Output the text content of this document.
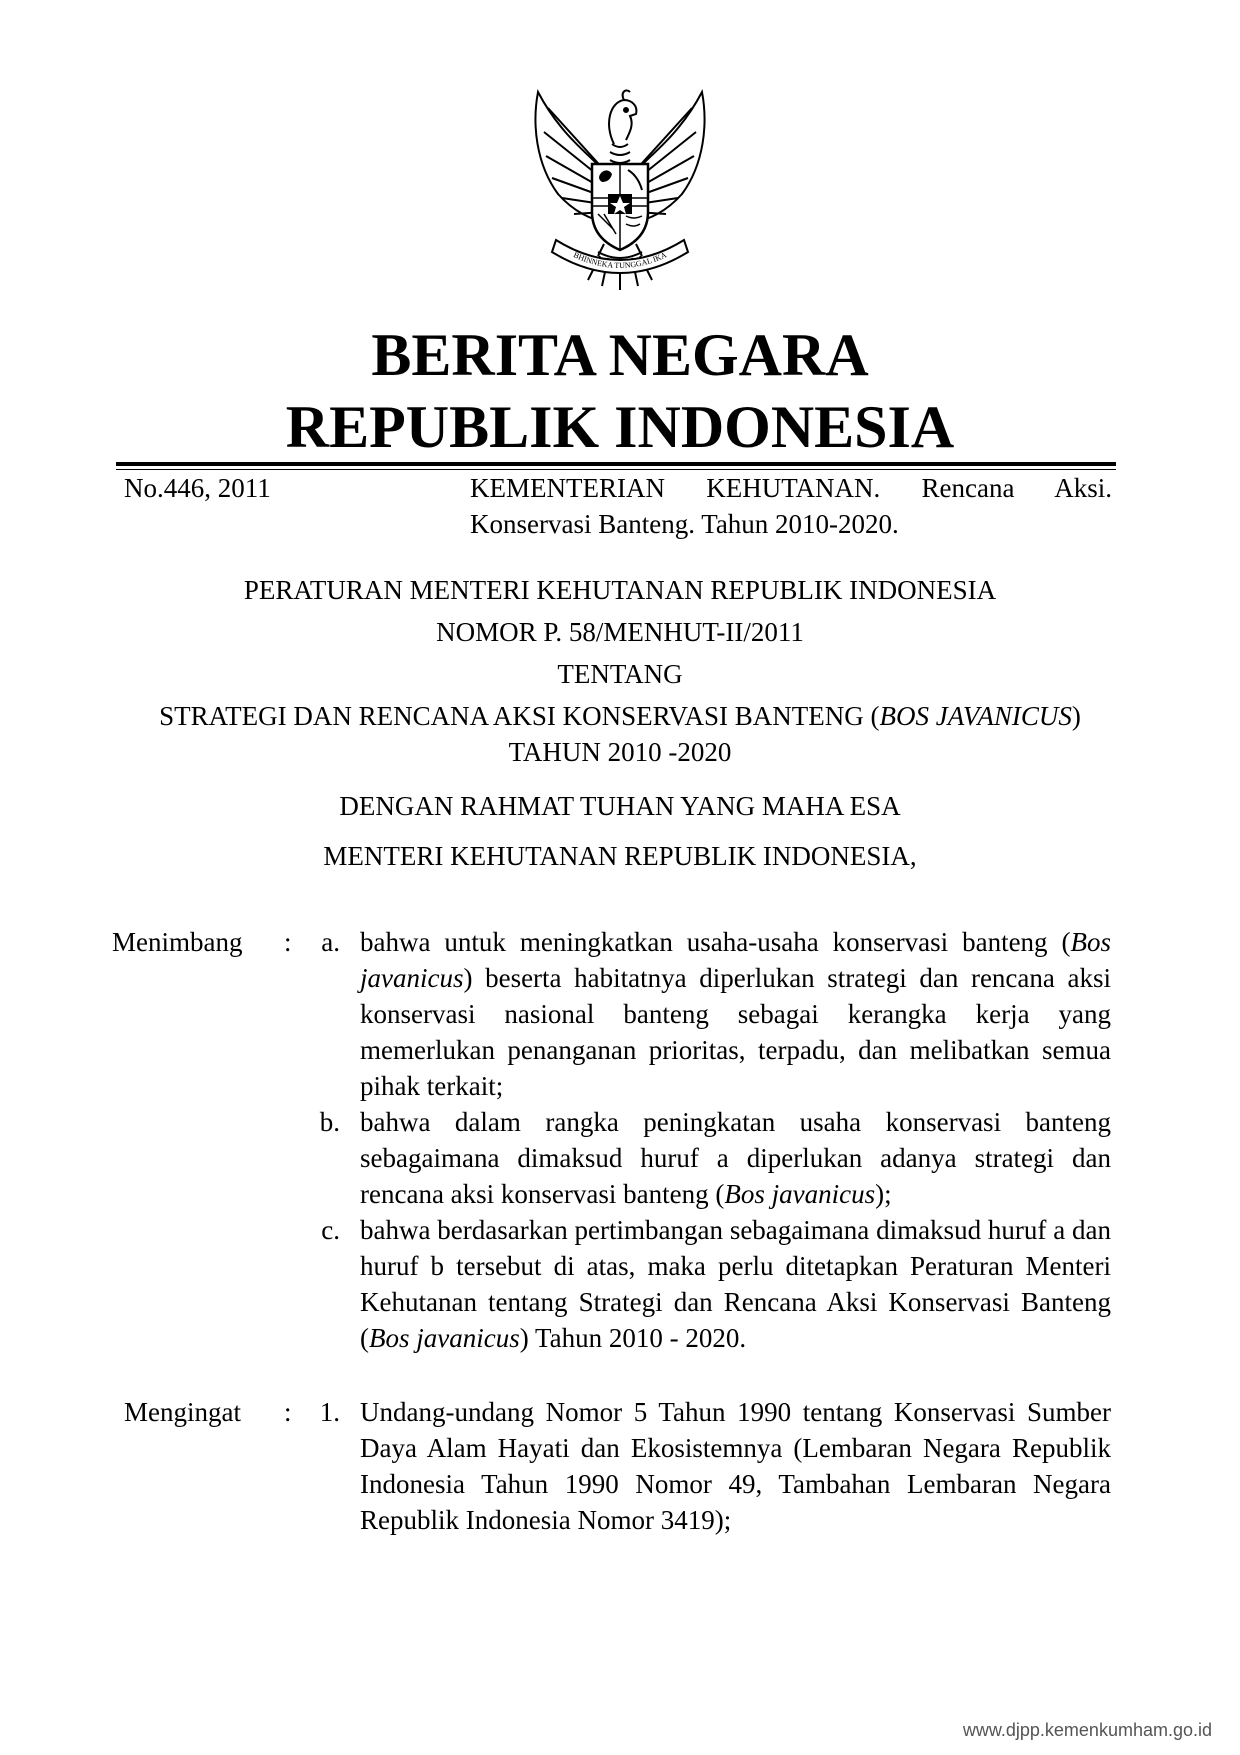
BHINNEKA TUNGGAL IKA
BERITA NEGARA
REPUBLIK INDONESIA
No.446, 2011	KEMENTERIAN KEHUTANAN. Rencana Aksi.
Konservasi Banteng. Tahun 2010-2020.

PERATURAN MENTERI KEHUTANAN REPUBLIK INDONESIA

NOMOR P. 58/MENHUT-II/2011

TENTANG

STRATEGI DAN RENCANA AKSI KONSERVASI BANTENG (BOS JAVANICUS) TAHUN 2010 -2020

DENGAN RAHMAT TUHAN YANG MAHA ESA

MENTERI KEHUTANAN REPUBLIK INDONESIA,

Menimbang :	a. bahwa untuk meningkatkan usaha-usaha konservasi banteng (Bos javanicus) beserta habitatnya diperlukan strategi dan rencana aksi konservasi nasional banteng sebagai kerangka kerja yang memerlukan penanganan prioritas, terpadu, dan melibatkan semua pihak terkait;

b. bahwa dalam rangka peningkatan usaha konservasi banteng sebagaimana dimaksud huruf a diperlukan adanya strategi dan rencana aksi konservasi banteng (Bos javanicus);

c. bahwa berdasarkan pertimbangan sebagaimana dimaksud huruf a dan huruf b tersebut di atas, maka perlu ditetapkan Peraturan Menteri Kehutanan tentang Strategi dan Rencana Aksi Konservasi Banteng (Bos javanicus) Tahun 2010 - 2020.

Mengingat :	1. Undang-undang Nomor 5 Tahun 1990 tentang Konservasi Sumber Daya Alam Hayati dan Ekosistemnya (Lembaran Negara Republik Indonesia Tahun 1990 Nomor 49, Tambahan Lembaran Negara Republik Indonesia Nomor 3419);

www.djpp.kemenkumham.go.id
